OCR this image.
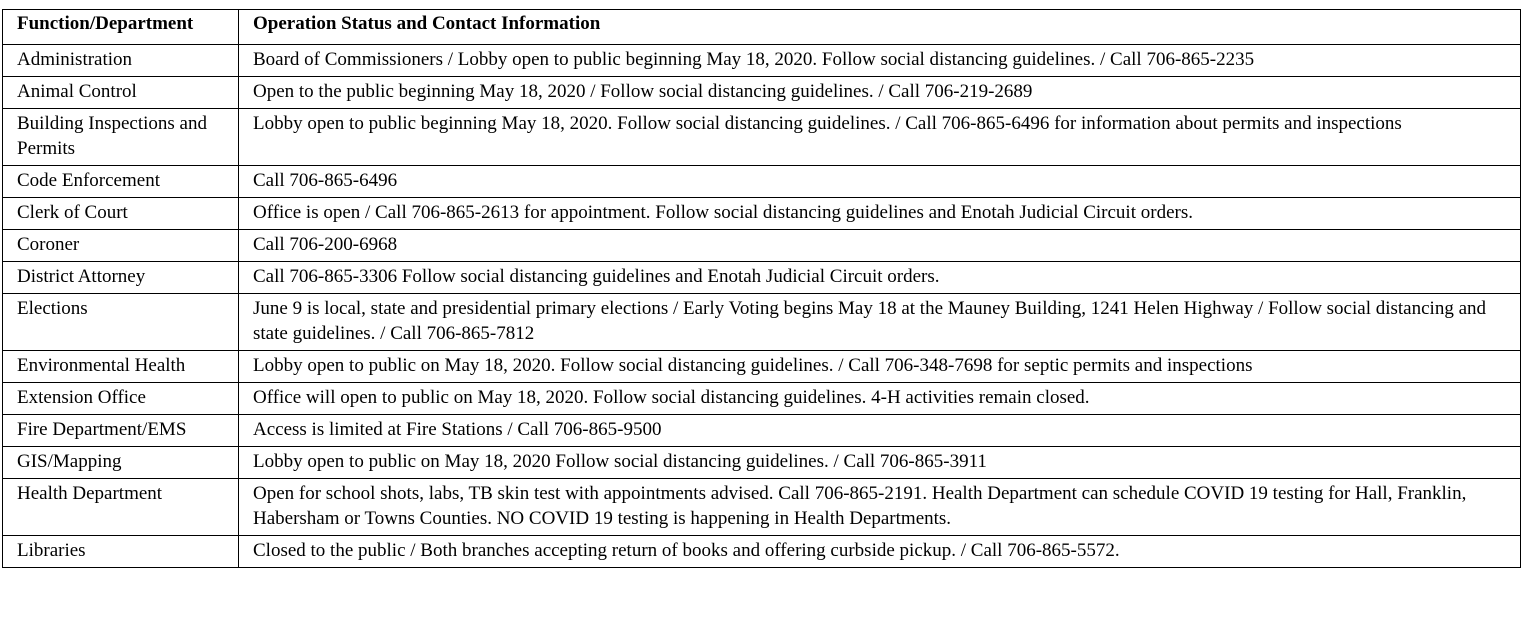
Function/Department	Operation Status and Contact Information
Administration	Board of Commissioners / Lobby open to public beginning May 18, 2020. Follow social distancing guidelines. / Call 706-865-2235
Animal Control	Open to the public beginning May 18, 2020 / Follow social distancing guidelines. / Call 706-219-2689
Building Inspections and Permits	Lobby open to public beginning May 18, 2020. Follow social distancing guidelines. / Call 706-865-6496 for information about permits and inspections
Code Enforcement	Call 706-865-6496
Clerk of Court	Office is open / Call 706-865-2613 for appointment. Follow social distancing guidelines and Enotah Judicial Circuit orders.
Coroner	Call 706-200-6968
District Attorney	Call 706-865-3306 Follow social distancing guidelines and Enotah Judicial Circuit orders.
Elections	June 9 is local, state and presidential primary elections / Early Voting begins May 18 at the Mauney Building, 1241 Helen Highway / Follow social distancing and state guidelines. / Call 706-865-7812
Environmental Health	Lobby open to public on May 18, 2020. Follow social distancing guidelines. / Call 706-348-7698 for septic permits and inspections
Extension Office	Office will open to public on May 18, 2020. Follow social distancing guidelines. 4-H activities remain closed.
Fire Department/EMS	Access is limited at Fire Stations / Call 706-865-9500
GIS/Mapping	Lobby open to public on May 18, 2020 Follow social distancing guidelines. / Call 706-865-3911
Health Department	Open for school shots, labs, TB skin test with appointments advised. Call 706-865-2191. Health Department can schedule COVID 19 testing for Hall, Franklin, Habersham or Towns Counties. NO COVID 19 testing is happening in Health Departments.
Libraries	Closed to the public / Both branches accepting return of books and offering curbside pickup. / Call 706-865-5572.
